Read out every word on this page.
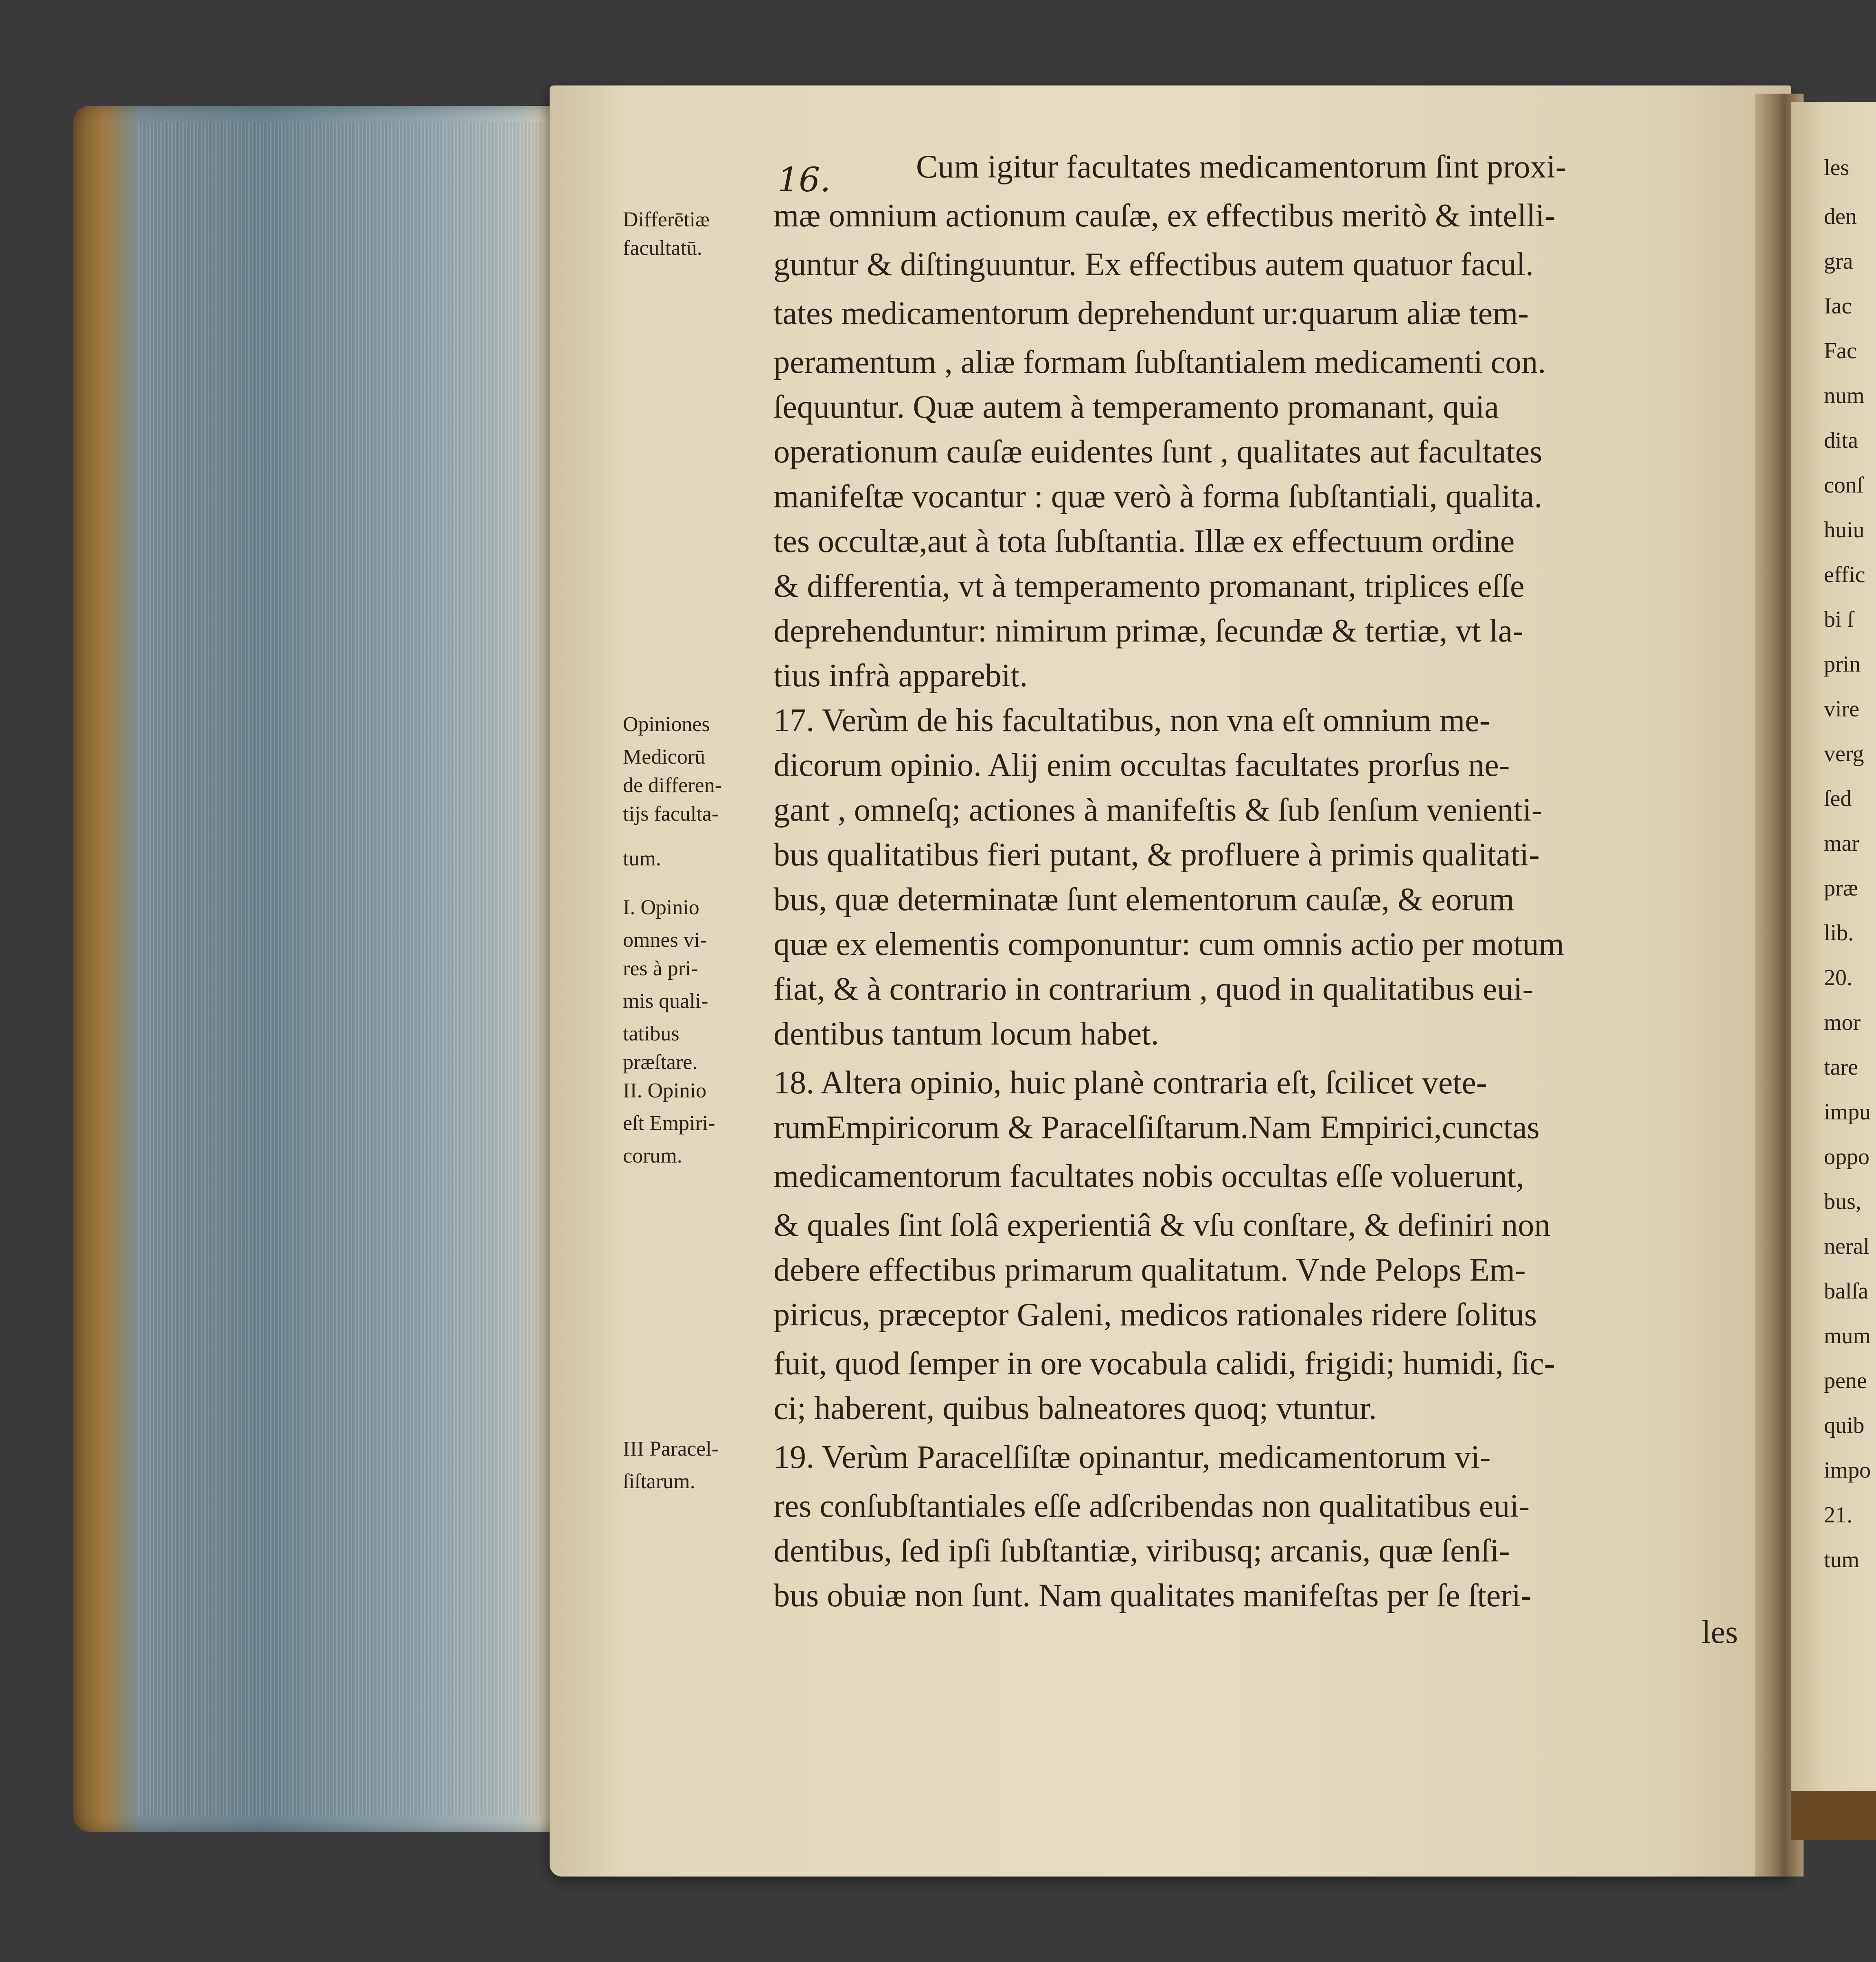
16.	Cum igitur facultates medicamentorum ſint proxi-
mæ omnium actionum cauſæ, ex effectibus meritò & intelli-
guntur & diſtinguuntur. Ex effectibus autem quatuor facul.
tates medicamentorum deprehendunt ur:quarum aliæ tem-
peramentum , aliæ formam ſubſtantialem medicamenti con.
ſequuntur. Quæ autem à temperamento promanant, quia
operationum cauſæ euidentes ſunt , qualitates aut facultates
manifeſtæ vocantur : quæ verò à forma ſubſtantiali, qualita.
tes occultæ,aut à tota ſubſtantia. Illæ ex effectuum ordine
& differentia, vt à temperamento promanant, triplices eſſe
deprehenduntur: nimirum primæ, ſecundæ & tertiæ, vt la-
tius infrà apparebit.
17. Verùm de his facultatibus, non vna eſt omnium me-
dicorum opinio. Alij enim occultas facultates prorſus ne-
gant , omneſq; actiones à manifeſtis & ſub ſenſum venienti-
bus qualitatibus fieri putant, & profluere à primis qualitati-
bus, quæ determinatæ ſunt elementorum cauſæ, & eorum
quæ ex elementis componuntur: cum omnis actio per motum
fiat, & à contrario in contrarium , quod in qualitatibus eui-
dentibus tantum locum habet.
18. Altera opinio, huic planè contraria eſt, ſcilicet vete-
rumEmpiricorum & Paracelſiſtarum.Nam Empirici,cunctas
medicamentorum facultates nobis occultas eſſe voluerunt,
& quales ſint ſolâ experientiâ & vſu conſtare, & definiri non
debere effectibus primarum qualitatum. Vnde Pelops Em-
piricus, præceptor Galeni, medicos rationales ridere ſolitus
fuit, quod ſemper in ore vocabula calidi, frigidi; humidi, ſic-
ci; haberent, quibus balneatores quoq; vtuntur.
19. Verùm Paracelſiſtæ opinantur, medicamentorum vi-
res conſubſtantiales eſſe adſcribendas non qualitatibus eui-
dentibus, ſed ipſi ſubſtantiæ, viribusq; arcanis, quæ ſenſi-
bus obuiæ non ſunt. Nam qualitates manifeſtas per ſe ſteri-
les
Differētiæ
facultatū.
Opiniones
Medicorū
de differen-
tijs faculta-
tum.
I. Opinio
omnes vi-
res à pri-
mis quali-
tatibus
præſtare.
II. Opinio
eſt Empiri-
corum.
III Paracel-
ſiſtarum.
les
den
gra
Iac
Fac
num
dita
conſ
huiu
effic
bi ſ
prin
vire
verg
ſed
mar
præ
lib.
20.
mor
tare
impu
oppo
bus,
neral
balſa
mum
pene
quib
impo
21.
tum
